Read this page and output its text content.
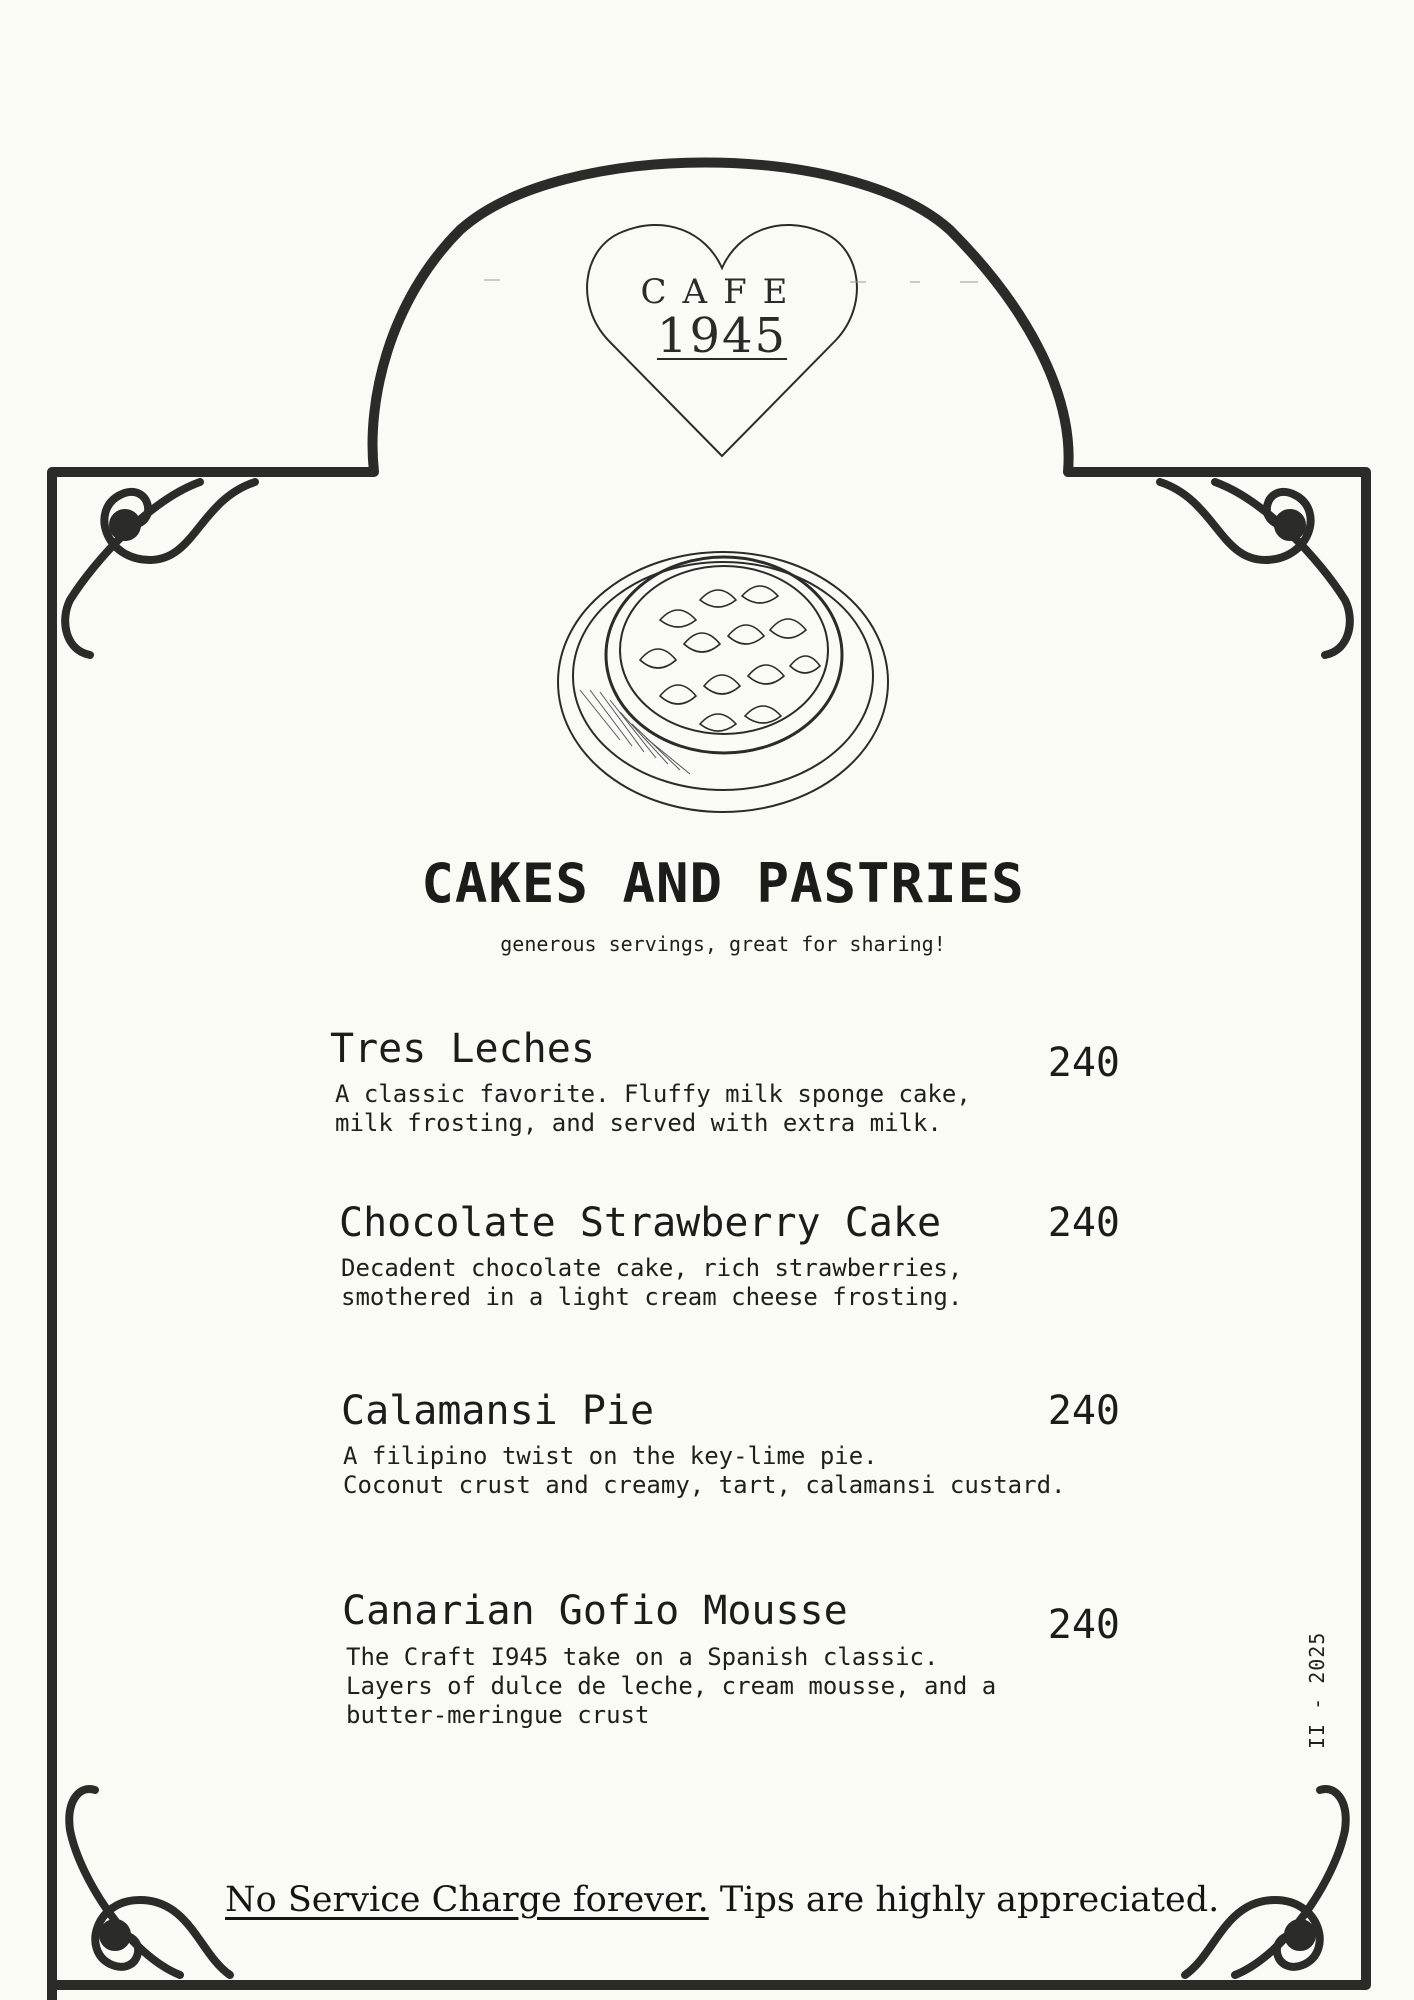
CAFE
1945
CAKES AND PASTRIES
generous servings, great for sharing!
Tres Leches	240
A classic favorite. Fluffy milk sponge cake,
milk frosting, and served with extra milk.
Chocolate Strawberry Cake	240
Decadent chocolate cake, rich strawberries,
smothered in a light cream cheese frosting.
Calamansi Pie	240
A filipino twist on the key-lime pie.
Coconut crust and creamy, tart, calamansi custard.
Canarian Gofio Mousse	240
The Craft I945 take on a Spanish classic.
Layers of dulce de leche, cream mousse, and a
butter-meringue crust	II - 2025
No Service Charge forever. Tips are highly appreciated.
